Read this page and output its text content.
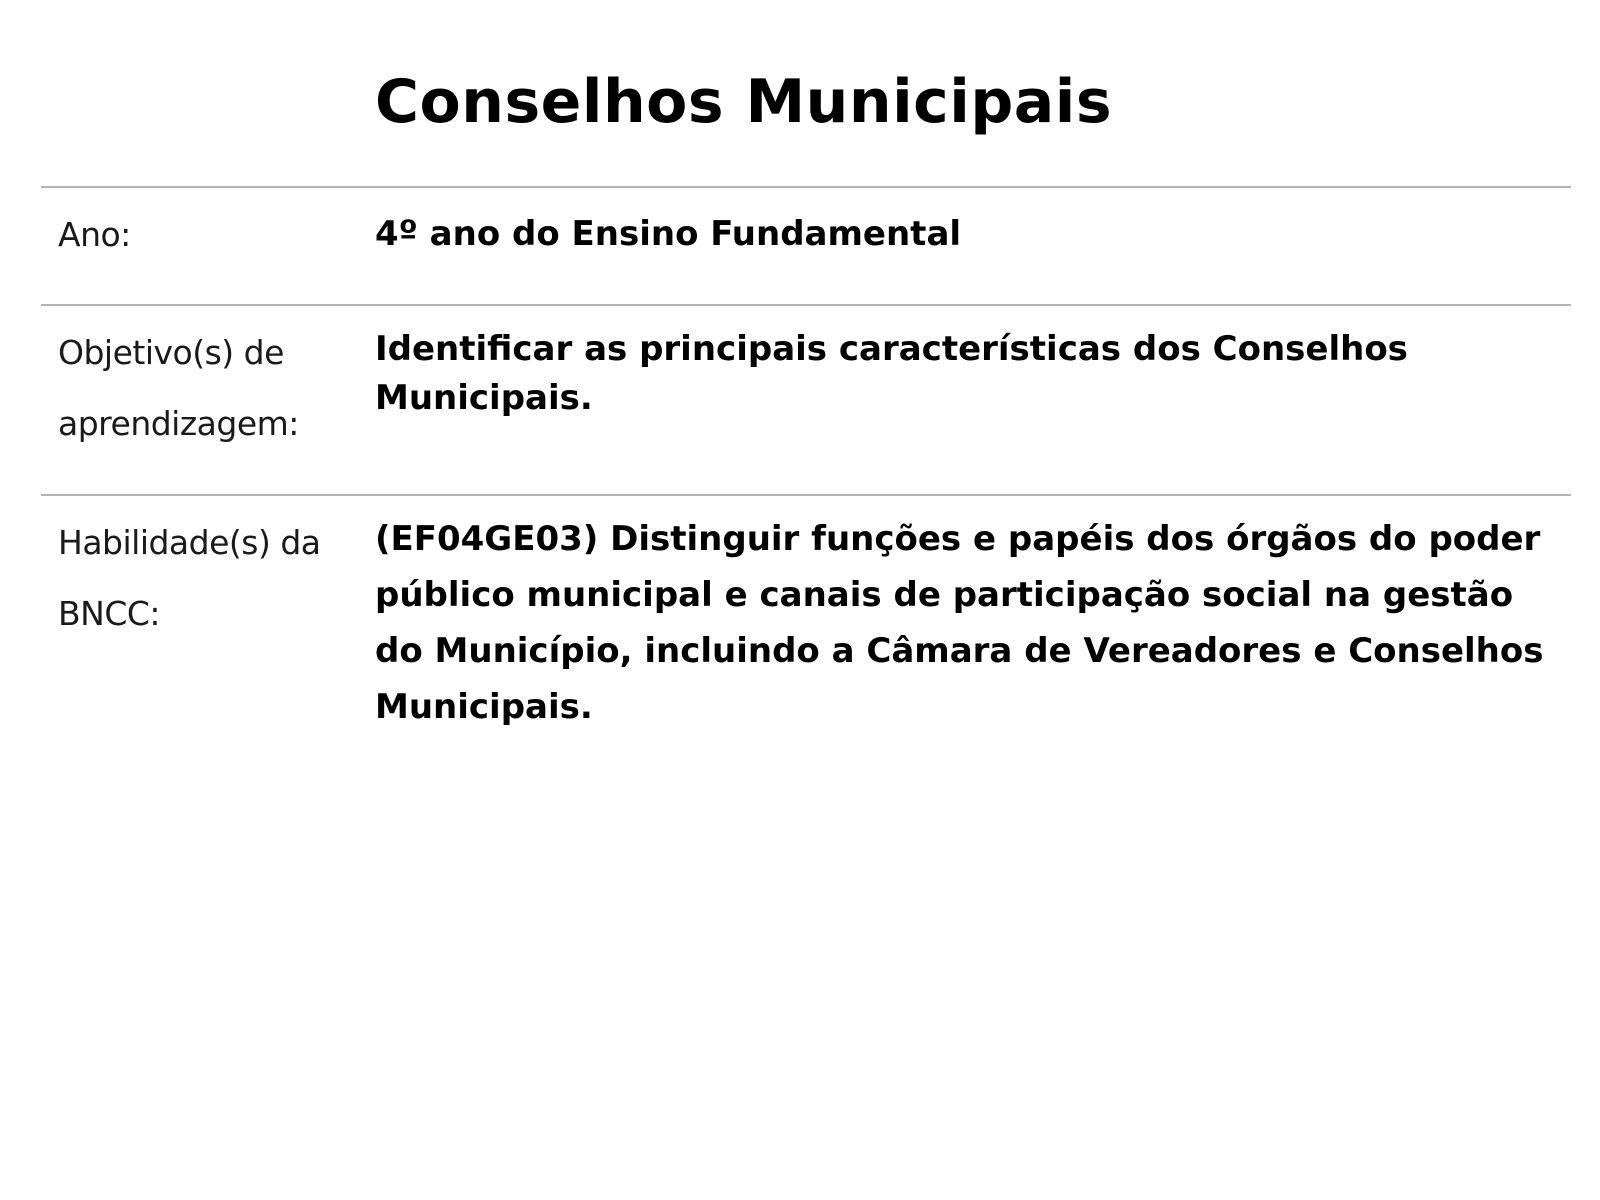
Conselhos Municipais
Ano:	4º ano do Ensino Fundamental
Objetivo(s) de aprendizagem:
Identificar as principais características dos Conselhos Municipais.
Habilidade(s) da BNCC:
(EF04GE03) Distinguir funções e papéis dos órgãos do poder público municipal e canais de participação social na gestão do Município, incluindo a Câmara de Vereadores e Conselhos Municipais.
